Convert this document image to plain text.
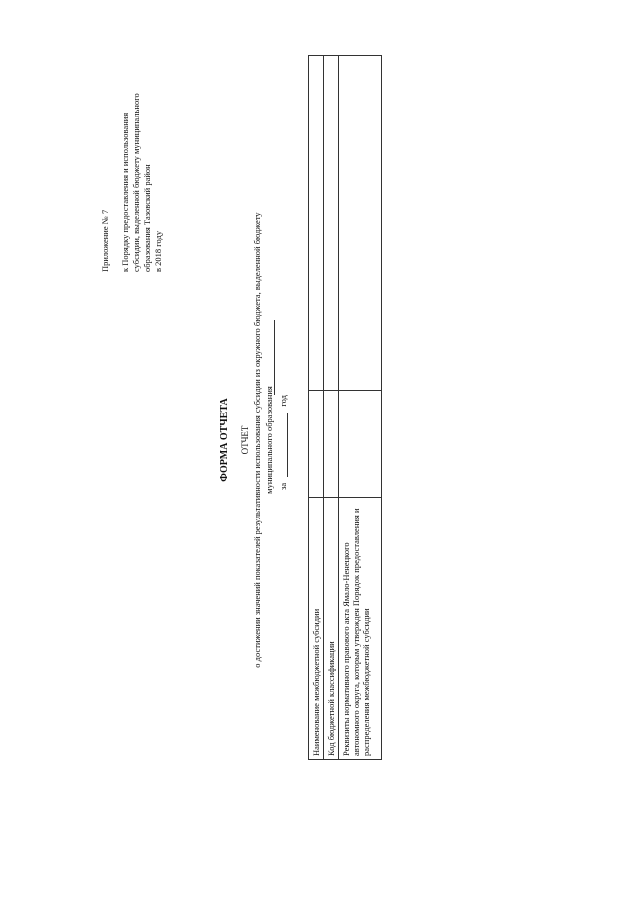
Приложение № 7 к Порядку предоставления и использования субсидии, выделенной бюджету муниципального образования Тазовский район в 2018 году
ФОРМА ОТЧЕТА ОТЧЕТ о достижении значений показателей результативности использования субсидии из окружного бюджета, выделенной бюджету муниципального образования за  год
Наименование межбюджетной субсидии		
Код бюджетной классификации		
Реквизиты нормативного правового акта Ямало-Ненецкого автономного округа, которым утвержден Порядок предоставления и распределения межбюджетной субсидии		
